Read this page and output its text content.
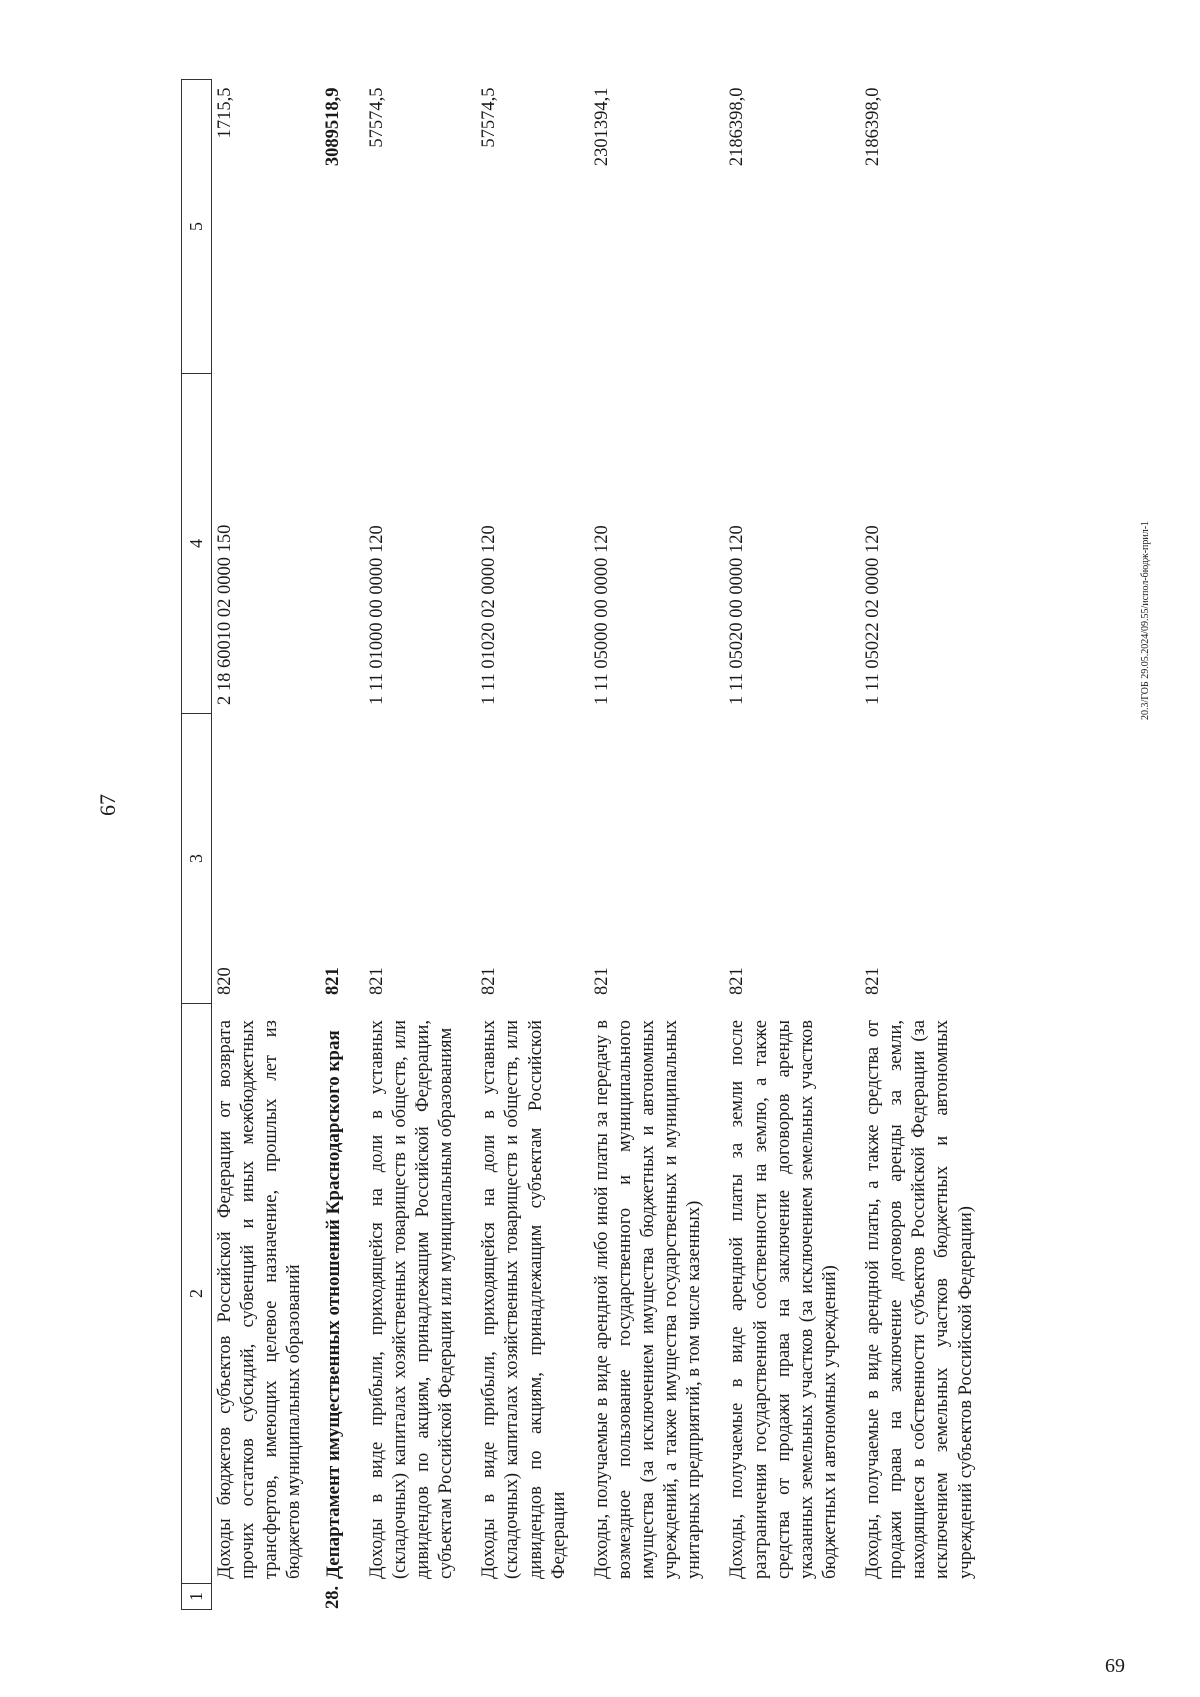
67
69
20.3/ГОБ 29.05.2024/09.55/испол-бюдж-прил-1
1	2	3	4	5
	Доходы бюджетов субъектов Российской Федерации от возврата прочих остатков субсидий, субвенций и иных межбюджетных трансфертов, имеющих целевое назначение, прошлых лет из бюджетов муниципальных образований	820	2 18 60010 02 0000 150	1715,5
28.	Департамент имущественных отношений Краснодарского края	821		3089518,9
	Доходы в виде прибыли, приходящейся на доли в уставных (складочных) капиталах хозяйственных товариществ и обществ, или дивидендов по акциям, принадлежащим Российской Федерации, субъектам Российской Федерации или муниципальным образованиям	821	1 11 01000 00 0000 120	57574,5
	Доходы в виде прибыли, приходящейся на доли в уставных (складочных) капиталах хозяйственных товариществ и обществ, или дивидендов по акциям, принадлежащим субъектам Российской Федерации	821	1 11 01020 02 0000 120	57574,5
	Доходы, получаемые в виде арендной либо иной платы за передачу в возмездное пользование государственного и муниципального имущества (за исключением имущества бюджетных и автономных учреждений, а также имущества государственных и муниципальных унитарных предприятий, в том числе казенных)	821	1 11 05000 00 0000 120	2301394,1
	Доходы, получаемые в виде арендной платы за земли после разграничения государственной собственности на землю, а также средства от продажи права на заключение договоров аренды указанных земельных участков (за исключением земельных участков бюджетных и автономных учреждений)	821	1 11 05020 00 0000 120	2186398,0
	Доходы, получаемые в виде арендной платы, а также средства от продажи права на заключение договоров аренды за земли, находящиеся в собственности субъектов Российской Федерации (за исключением земельных участков бюджетных и автономных учреждений субъектов Российской Федерации)	821	1 11 05022 02 0000 120	2186398,0
